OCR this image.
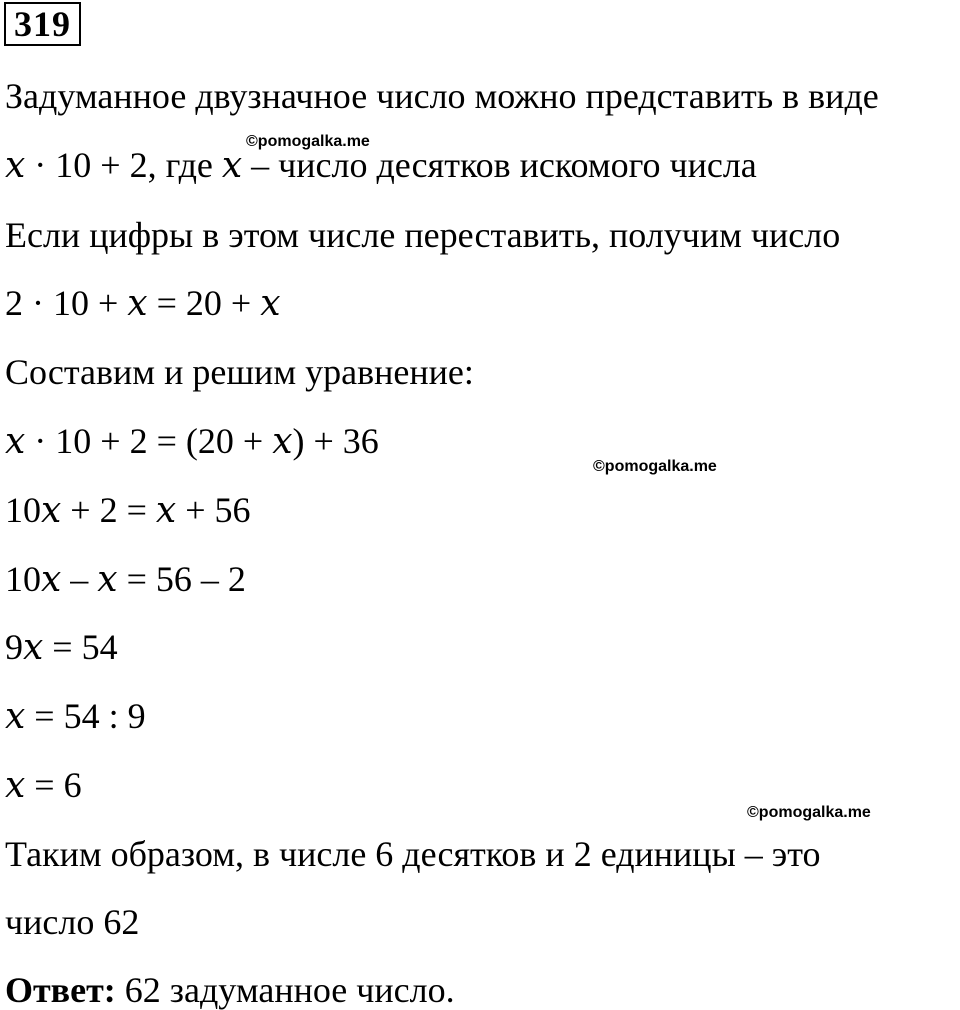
319
Задуманное двузначное число можно представить в виде
𝑥 · 10 + 2, где 𝑥 – число десятков искомого числа
Если цифры в этом числе переставить, получим число
2 · 10 + 𝑥 = 20 + 𝑥
Составим и решим уравнение:
𝑥 · 10 + 2 = (20 + 𝑥) + 36
10𝑥 + 2 = 𝑥 + 56
10𝑥 – 𝑥 = 56 – 2
9𝑥 = 54
𝑥 = 54 : 9
𝑥 = 6
Таким образом, в числе 6 десятков и 2 единицы – это
число 62
Ответ: 62 задуманное число.
©pomogalka.me
©pomogalka.me
©pomogalka.me
